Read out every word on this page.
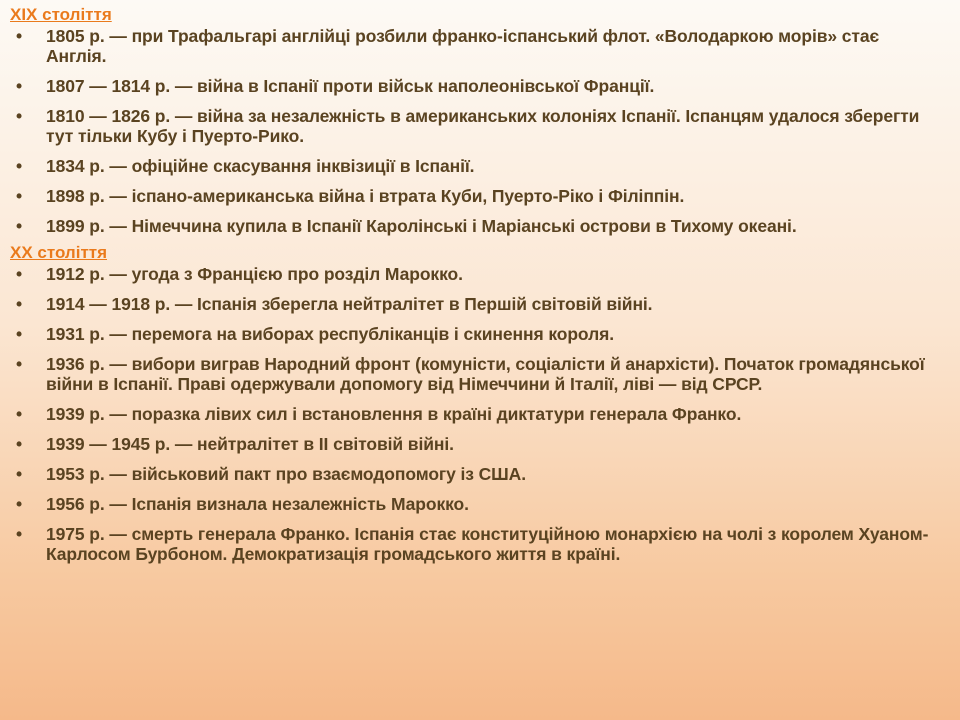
XIX століття

• 1805 р. — при Трафальгарі англійці розбили франко-іспанський флот. «Володаркою морів» стає Англія.
• 1807 — 1814 р. — війна в Іспанії проти військ наполеонівської Франції.
• 1810 — 1826 р. — війна за незалежність в американських колоніях Іспанії. Іспанцям удалося зберегти тут тільки Кубу і Пуерто-Рико.
• 1834 р. — офіційне скасування інквізиції в Іспанії.
• 1898 р. — іспано-американська війна і втрата Куби, Пуерто-Ріко і Філіппін.
• 1899 р. — Німеччина купила в Іспанії Каролінські і Маріанські острови в Тихому океані.

XX століття

• 1912 р. — угода з Францією про розділ Марокко.
• 1914 — 1918 р. — Іспанія зберегла нейтралітет в Першій світовій війні.
• 1931 р. — перемога на виборах республіканців і скинення короля.
• 1936 р. — вибори виграв Народний фронт (комуністи, соціалісти й анархісти). Початок громадянської війни в Іспанії. Праві одержували допомогу від Німеччини й Італії, ліві — від СРСР.
• 1939 р. — поразка лівих сил і встановлення в країні диктатури генерала Франко.
• 1939 — 1945 р. — нейтралітет в II світовій війні.
• 1953 р. — військовий пакт про взаємодопомогу із США.
• 1956 р. — Іспанія визнала незалежність Марокко.
• 1975 р. — смерть генерала Франко. Іспанія стає конституційною монархією на чолі з королем Хуаном-Карлосом Бурбоном. Демократизація громадського життя в країні.
